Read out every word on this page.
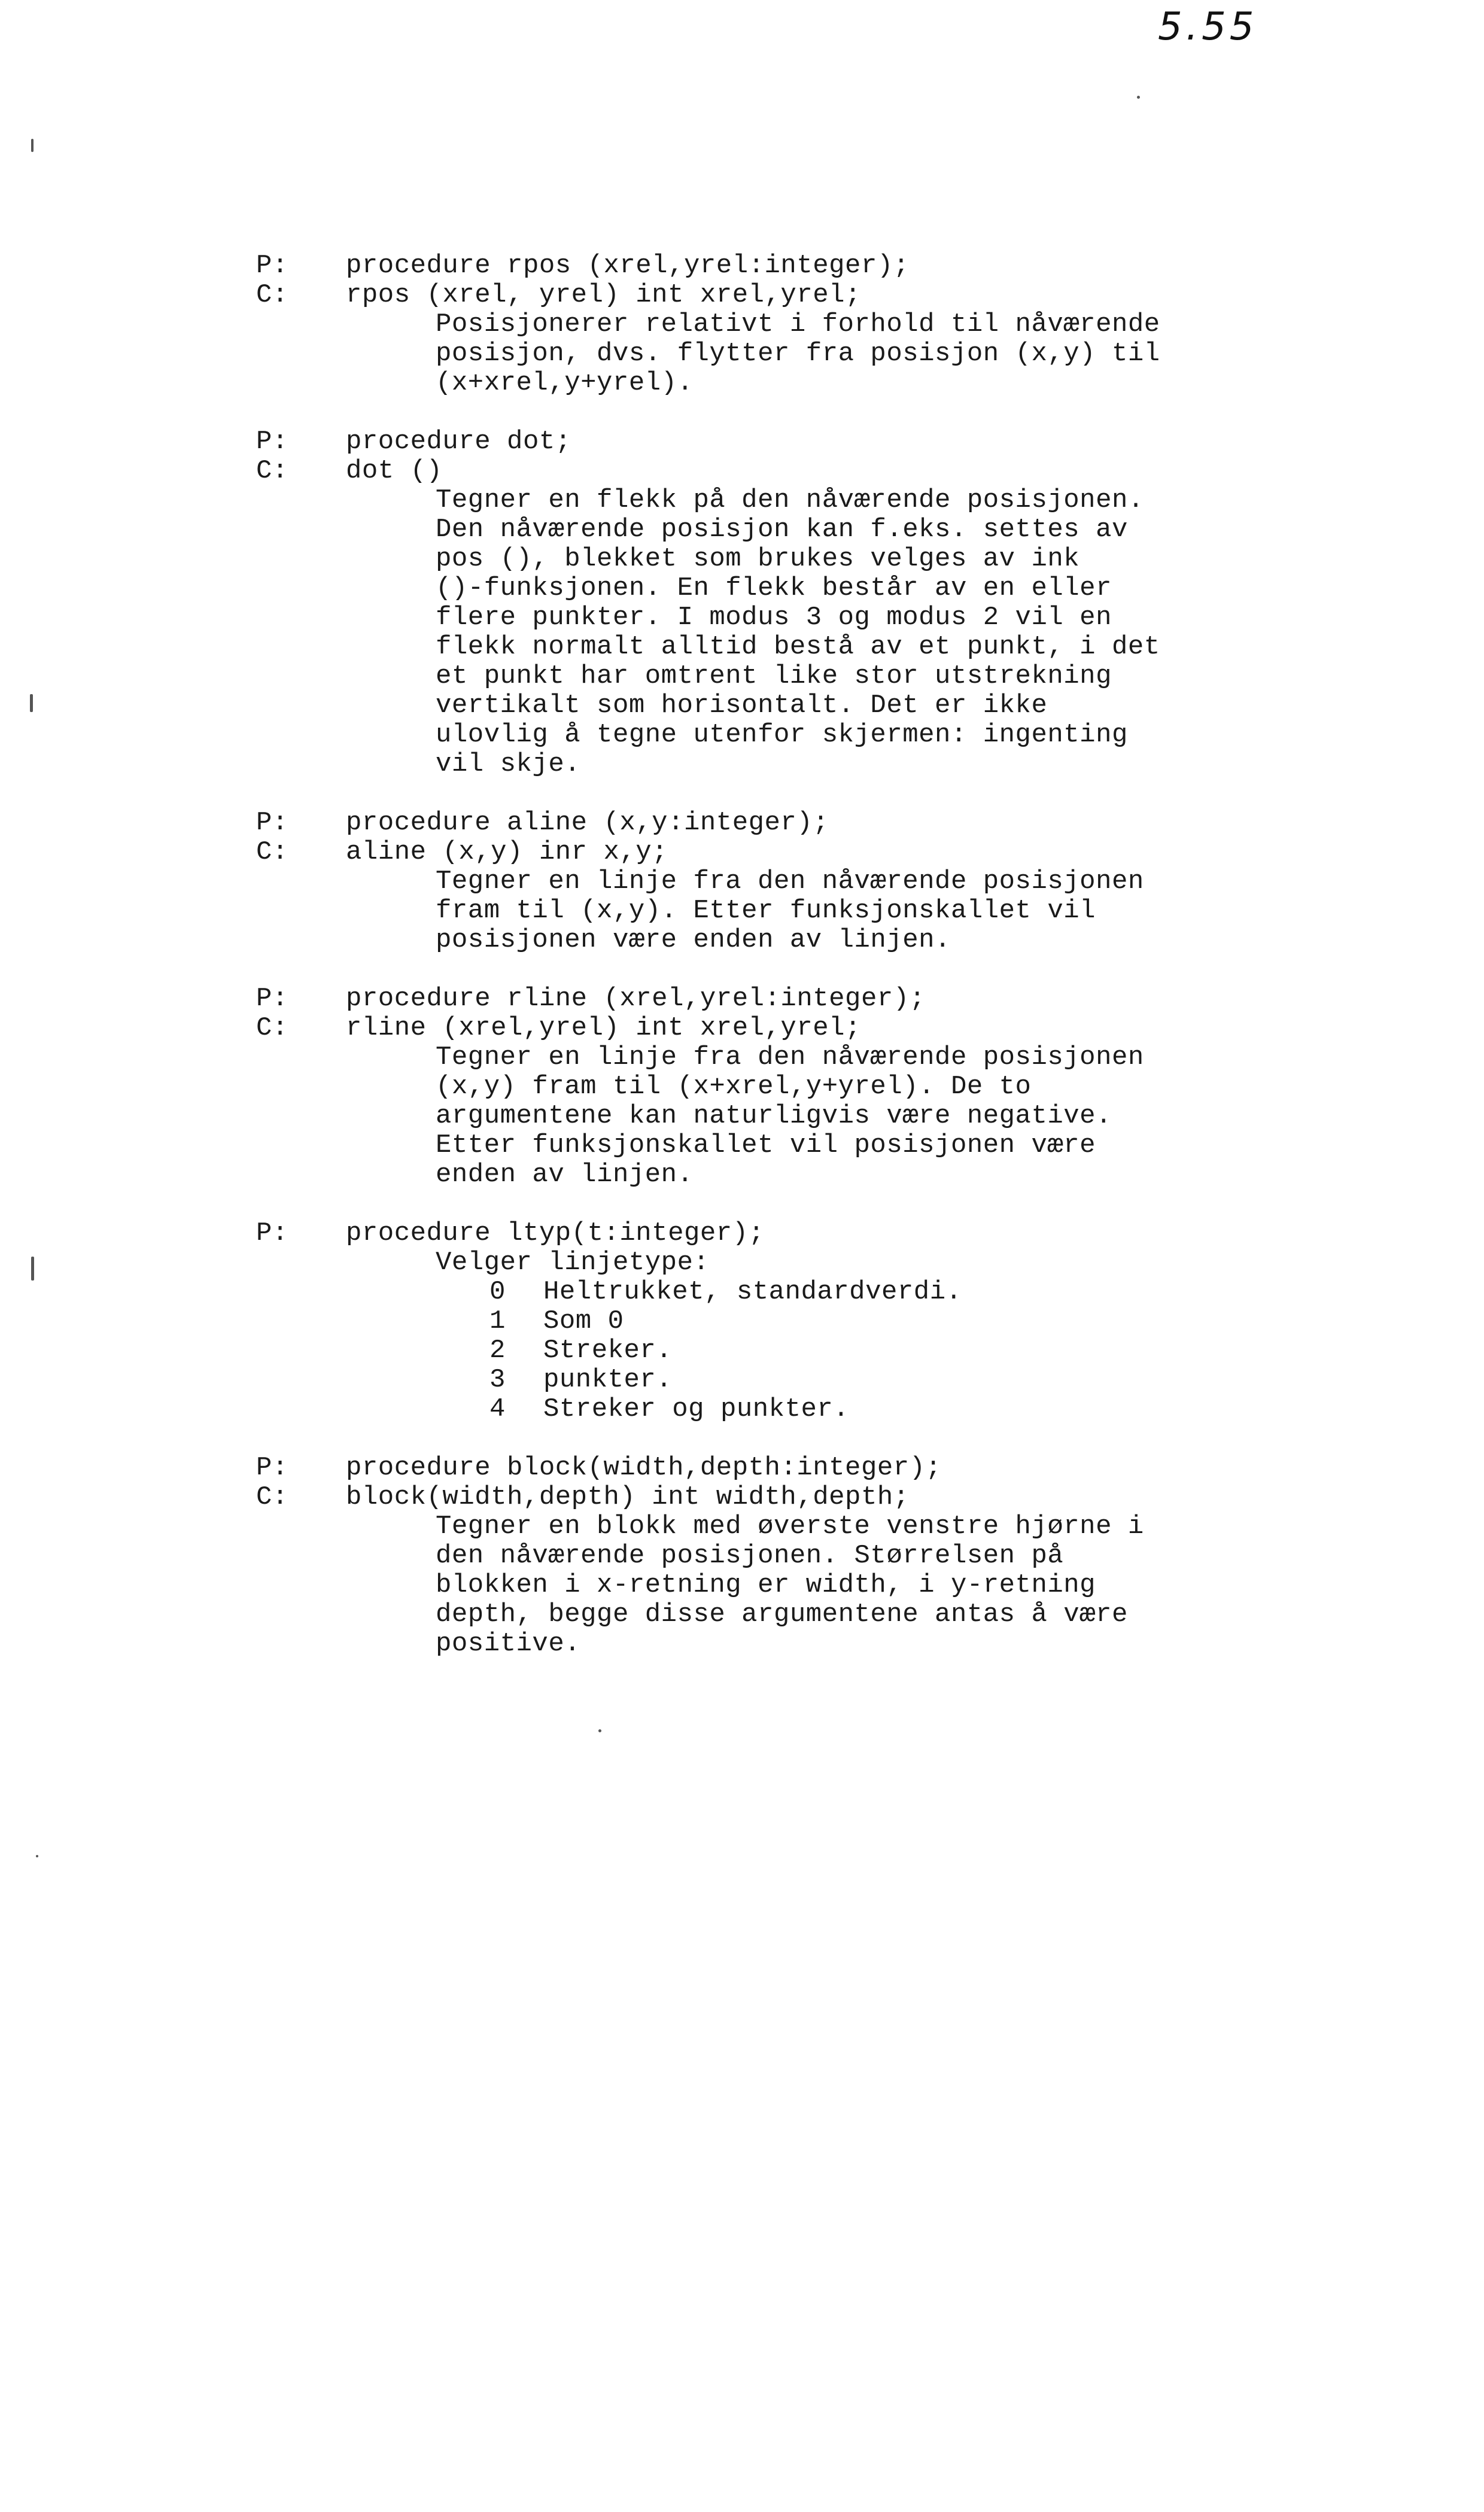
5.55
P:	procedure rpos (xrel,yrel:integer);
C:	rpos (xrel, yrel) int xrel,yrel;
Posisjonerer relativt i forhold til nåværende
posisjon, dvs. flytter fra posisjon (x,y) til
(x+xrel,y+yrel).
P:	procedure dot;
C:	dot ()
Tegner en flekk på den nåværende posisjonen.
Den nåværende posisjon kan f.eks. settes av
pos (), blekket som brukes velges av ink
()-funksjonen. En flekk består av en eller
flere punkter. I modus 3 og modus 2 vil en
flekk normalt alltid bestå av et punkt, i det
et punkt har omtrent like stor utstrekning
vertikalt som horisontalt. Det er ikke
ulovlig å tegne utenfor skjermen: ingenting
vil skje.
P:	procedure aline (x,y:integer);
C:	aline (x,y) inr x,y;
Tegner en linje fra den nåværende posisjonen
fram til (x,y). Etter funksjonskallet vil
posisjonen være enden av linjen.
P:	procedure rline (xrel,yrel:integer);
C:	rline (xrel,yrel) int xrel,yrel;
Tegner en linje fra den nåværende posisjonen
(x,y) fram til (x+xrel,y+yrel). De to
argumentene kan naturligvis være negative.
Etter funksjonskallet vil posisjonen være
enden av linjen.
P:	procedure ltyp(t:integer);
Velger linjetype:
0	Heltrukket, standardverdi.
1	Som 0
2	Streker.
3	punkter.
4	Streker og punkter.
P:	procedure block(width,depth:integer);
C:	block(width,depth) int width,depth;
Tegner en blokk med øverste venstre hjørne i
den nåværende posisjonen. Størrelsen på
blokken i x-retning er width, i y-retning
depth, begge disse argumentene antas å være
positive.
